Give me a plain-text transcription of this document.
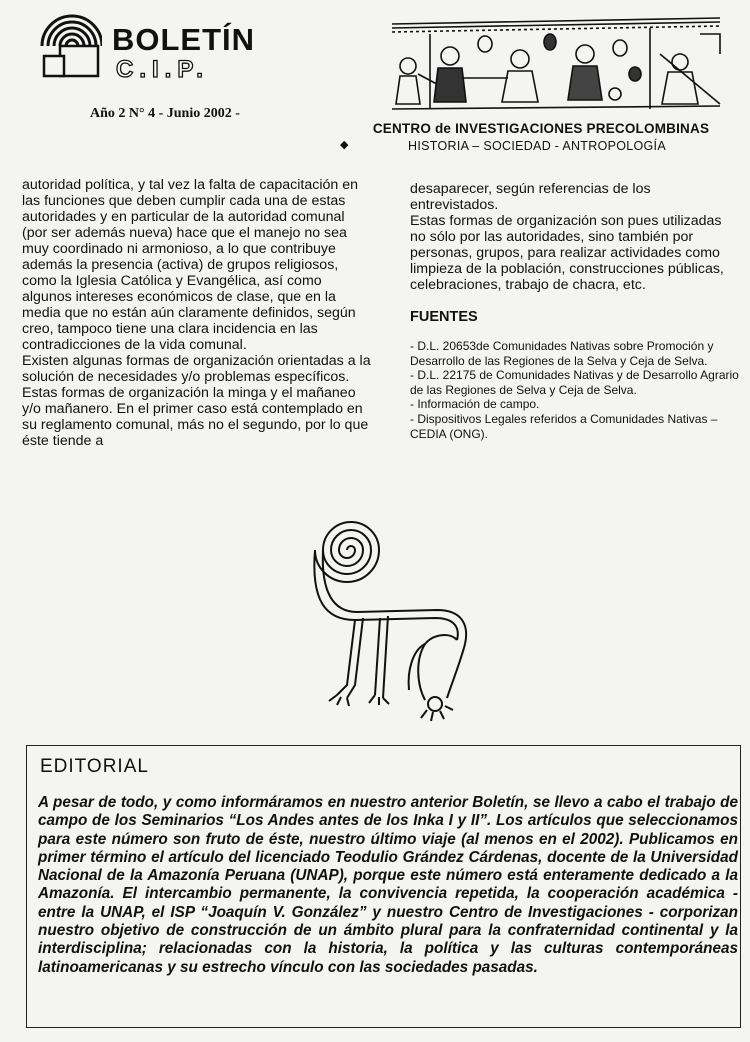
BOLETÍN
C.I.P.
Año 2 N° 4 - Junio 2002 -
CENTRO de INVESTIGACIONES PRECOLOMBINAS
◆	HISTORIA – SOCIEDAD - ANTROPOLOGÍA

autoridad política, y tal vez la falta de capacitación en las funciones que deben cumplir cada una de estas autoridades y en particular de la autoridad comunal (por ser además nueva) hace que el manejo no sea muy coordinado ni armonioso, a lo que contribuye además la presencia (activa) de grupos religiosos, como la Iglesia Católica y Evangélica, así como algunos intereses económicos de clase, que en la media que no están aún claramente definidos, según creo, tampoco tiene una clara incidencia en las contradicciones de la vida comunal.

Existen algunas formas de organización orientadas a la solución de necesidades y/o problemas específicos. Estas formas de organización la minga y el mañaneo y/o mañanero. En el primer caso está contemplado en su reglamento comunal, más no el segundo, por lo que éste tiende a

desaparecer, según referencias de los entrevistados.

Estas formas de organización son pues utilizadas no sólo por las autoridades, sino también por personas, grupos, para realizar actividades como limpieza de la población, construcciones públicas, celebraciones, trabajo de chacra, etc.

FUENTES
- D.L. 20653de Comunidades Nativas sobre Promoción y Desarrollo de las Regiones de la Selva y Ceja de Selva.
- D.L. 22175 de Comunidades Nativas y de Desarrollo Agrario de las Regiones de Selva y Ceja de Selva.
- Información de campo.
- Dispositivos Legales referidos a Comunidades Nativas – CEDIA (ONG).
EDITORIAL
A pesar de todo, y como informáramos en nuestro anterior Boletín, se llevo a cabo el trabajo de campo de los Seminarios “Los Andes antes de los Inka I y II”. Los artículos que seleccionamos para este número son fruto de éste, nuestro último viaje (al menos en el 2002). Publicamos en primer término el artículo del licenciado Teodulio Grández Cárdenas, docente de la Universidad Nacional de la Amazonía Peruana (UNAP), porque este número está enteramente dedicado a la Amazonía. El intercambio permanente, la convivencia repetida, la cooperación académica - entre la UNAP, el ISP “Joaquín V. González” y nuestro Centro de Investigaciones - corporizan nuestro objetivo de construcción de un ámbito plural para la confraternidad continental y la interdisciplina; relacionadas con la historia, la política y las culturas contemporáneas latinoamericanas y su estrecho vínculo con las sociedades pasadas.
